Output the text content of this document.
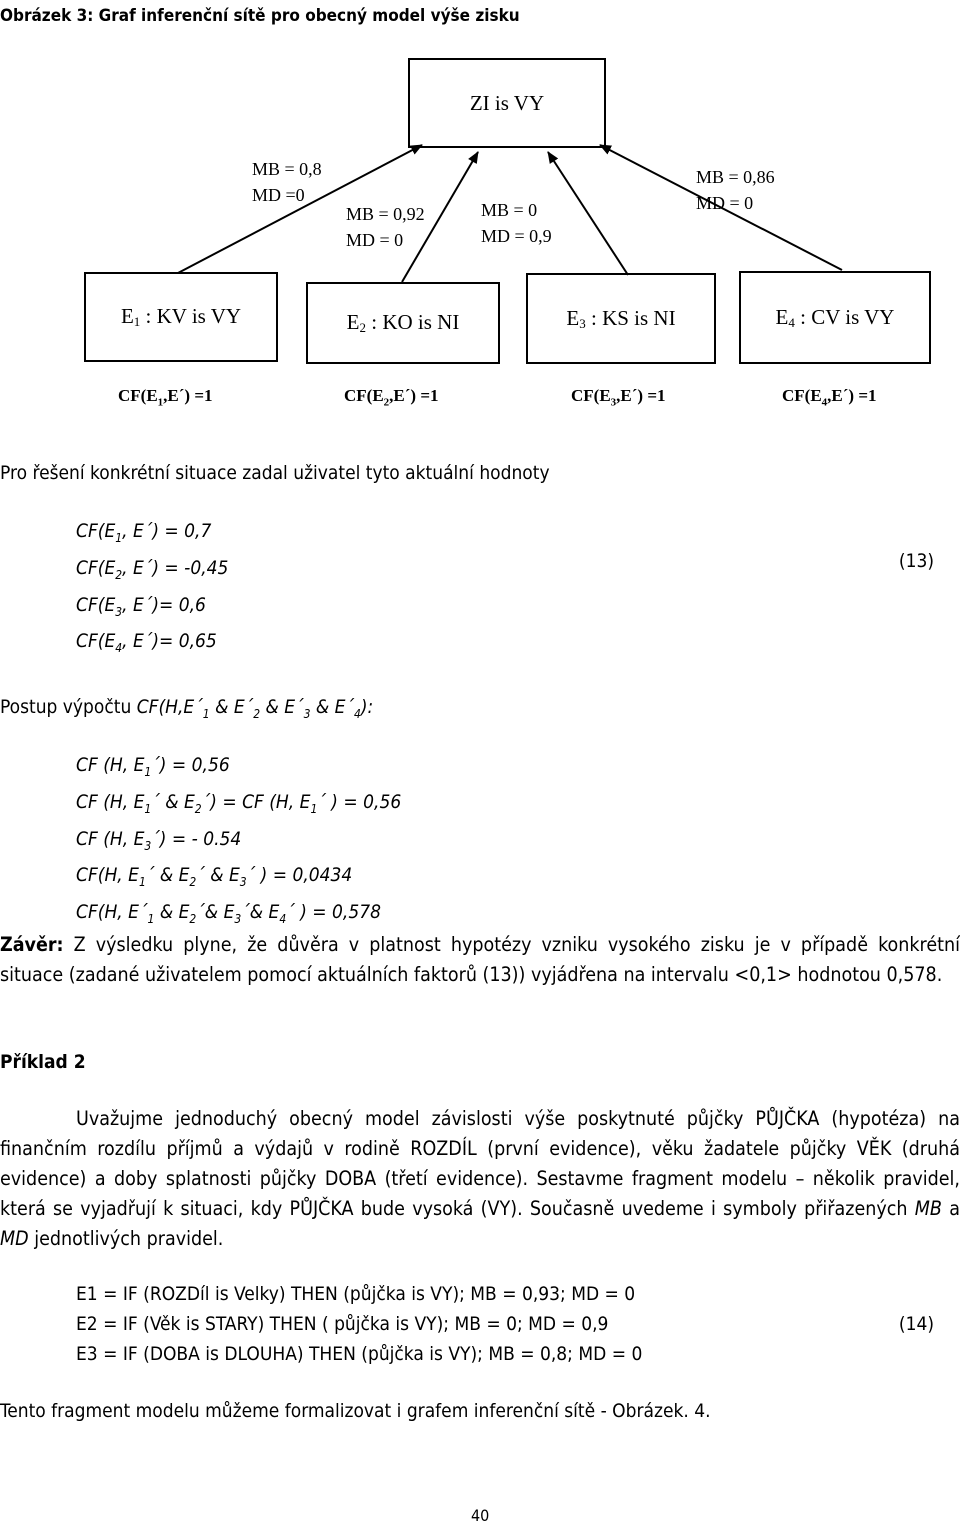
Obrázek 3: Graf inferenční sítě pro obecný model výše zisku
ZI is VY
MB = 0,8
MD =0
MB = 0,92
MD = 0
MB = 0
MD = 0,9
MB = 0,86
MD = 0
$E_1$ : KV is VY	$E_2$ : KO is NI	$E_3$ : KS is NI	$E_4$ : CV is VY
$CF(E_1,E´) =1$	$CF(E_2,E´) =1$	$CF(E_3,E´) =1$	$CF(E_4,E´) =1$
Pro řešení konkrétní situace zadal uživatel tyto aktuální hodnoty
$CF(E_1$, E´) = 0,7
$CF(E_2$, E´) = -0,45
$CF(E_3$, E´)= 0,6
$CF(E_4$, E´)= 0,65
(13)
Postup výpočtu $CF(H,E´_1$ & $E´_2$ & $E´_3$ & $E´_4$):
CF (H, $E_1´) = 0,56$
CF (H, $E_1´$ & $E_2´$) = CF (H, $E_1´$ ) = 0,56
CF (H, $E_3´$) = - 0.54
CF(H, $E_1´$ & $E_2´$ & $E_3´$ ) = 0,0434
CF(H, $E´_1$ & $E_2´\&$ $E_3´\&$ $E_4´$ ) = 0,578
Závěr: Z výsledku plyne, že důvěra v platnost hypotézy vzniku vysokého zisku je v případě konkrétní situace (zadané uživatelem pomocí aktuálních faktorů (13)) vyjádřena na intervalu <0,1> hodnotou 0,578.
Příklad 2
Uvažujme jednoduchý obecný model závislosti výše poskytnuté půjčky PŮJČKA (hypotéza) na finančním rozdílu příjmů a výdajů v rodině ROZDÍL (první evidence), věku žadatele půjčky VĚK (druhá evidence) a doby splatnosti půjčky DOBA (třetí evidence). Sestavme fragment modelu – několik pravidel, která se vyjadřují k situaci, kdy PŮJČKA bude vysoká (VY). Současně uvedeme i symboly přiřazených MB a MD jednotlivých pravidel.
E1 = IF (ROZDíl is Velky) THEN (půjčka is VY); MB = 0,93; MD = 0
E2 = IF (Věk is STARY) THEN ( půjčka is VY); MB = 0; MD = 0,9
E3 = IF (DOBA is DLOUHA) THEN (půjčka is VY); MB = 0,8; MD = 0
(14)
Tento fragment modelu můžeme formalizovat i grafem inferenční sítě - Obrázek. 4.
40
